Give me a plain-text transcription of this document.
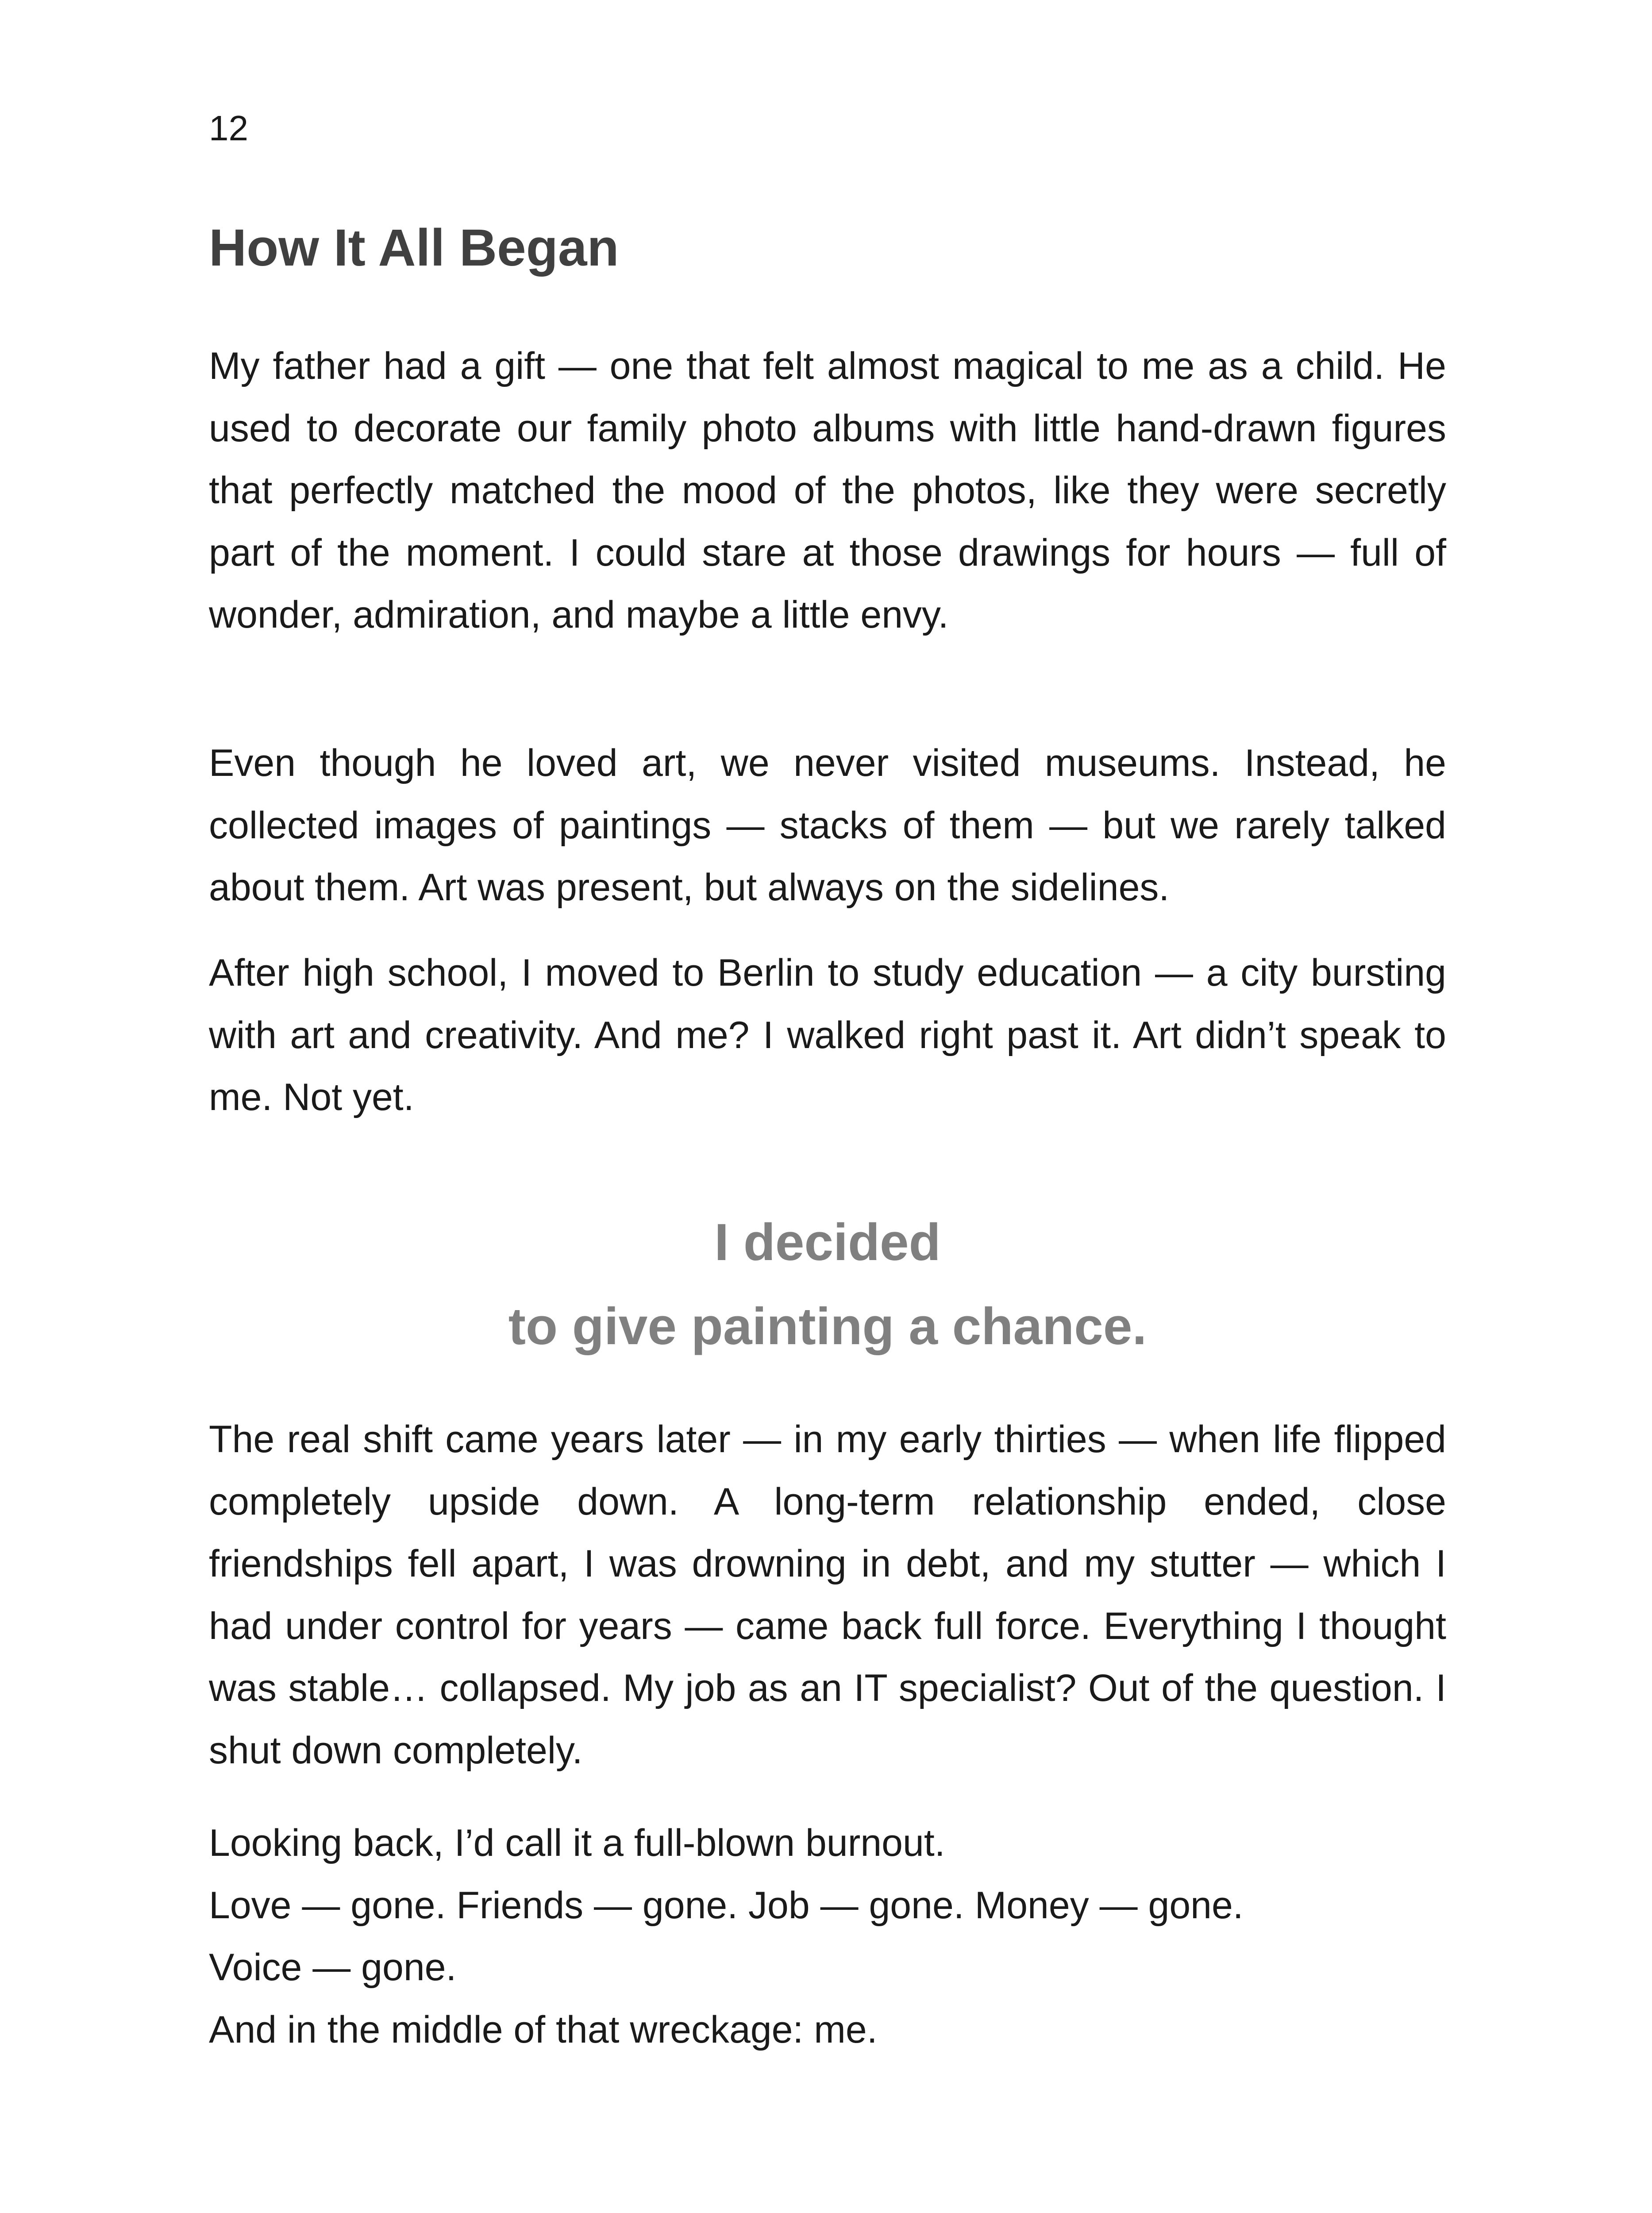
12
How It All Began

My father had a gift — one that felt almost magical to me as a child. He used to decorate our family photo albums with little hand-drawn figures that perfectly matched the mood of the photos, like they were secretly part of the moment. I could stare at those drawings for hours — full of wonder, admiration, and maybe a little envy.

Even though he loved art, we never visited museums. Instead, he collected images of paintings — stacks of them — but we rarely talked about them. Art was present, but always on the sidelines.

After high school, I moved to Berlin to study education — a city bursting with art and creativity. And me? I walked right past it. Art didn’t speak to me. Not yet.

I decided
to give painting a chance.

The real shift came years later — in my early thirties — when life flipped completely upside down. A long-term relationship ended, close friendships fell apart, I was drowning in debt, and my stutter — which I had under control for years — came back full force. Everything I thought was stable… collapsed. My job as an IT specialist? Out of the question. I shut down completely.

Looking back, I’d call it a full-blown burnout.
Love — gone. Friends — gone. Job — gone. Money — gone.
Voice — gone.
And in the middle of that wreckage: me.
